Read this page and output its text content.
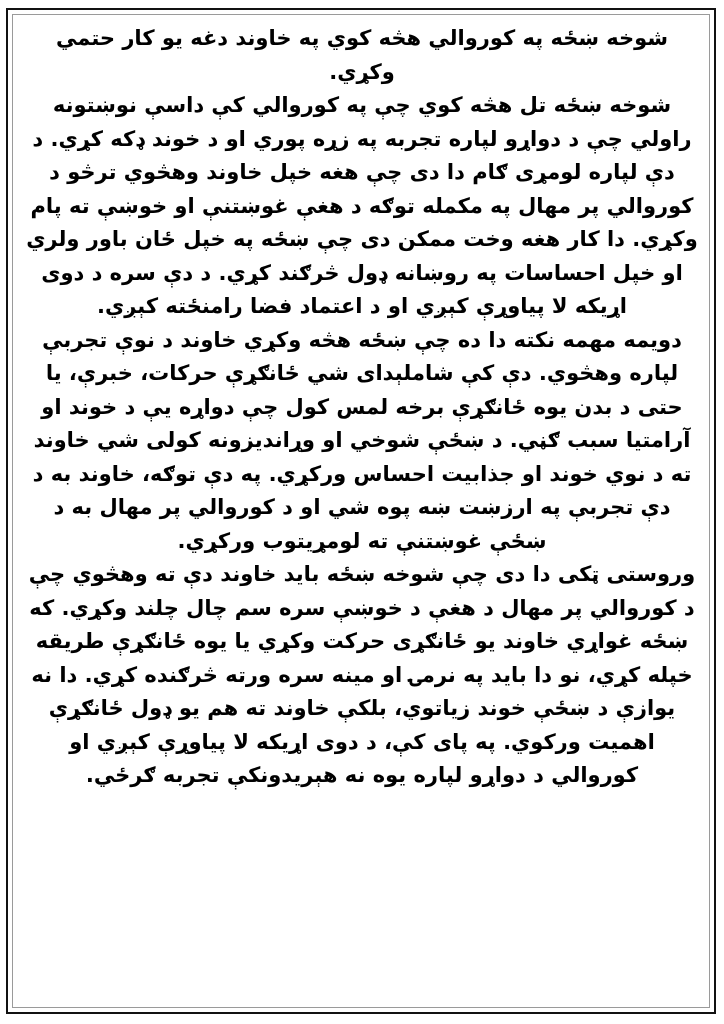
شوخه ښځه په کوروالي هڅه کوي په خاوند دغه یو کار حتمي وکړي.

شوخه ښځه تل هڅه کوي چې په کوروالي کې داسې نوښتونه راولي چې د دواړو لپاره تجربه په زړه پوري او د خوند ډکه کړي. د دې لپاره لومړی ګام دا دی چې هغه خپل خاوند وهڅوي ترڅو د کوروالي پر مهال په مکمله توګه د هغې غوښتنې او خوښې ته پام وکړي. دا کار هغه وخت ممکن دی چې ښځه په خپل ځان باور ولري او خپل احساسات په روښانه ډول څرګند کړي. د دې سره د دوی اړیکه لا پیاوړې کېږي او د اعتماد فضا رامنځته کېږي.

دویمه مهمه نکته دا ده چې ښځه هڅه وکړي خاوند د نوې تجربې لپاره وهڅوي. دې کې شاملېدای شي ځانګړې حرکات، خبرې، یا حتی د بدن یوه ځانګړې برخه لمس کول چې دواړه یې د خوند او آرامتیا سبب ګڼي. د ښځې شوخي او وړاندیزونه کولی شي خاوند ته د نوي خوند او جذابیت احساس ورکړي. په دې توګه، خاوند به د دې تجربې په ارزښت ښه پوه شي او د کوروالي پر مهال به د ښځې غوښتنې ته لومړیتوب ورکړي.

وروستی ټکی دا دی چې شوخه ښځه باید خاوند دې ته وهڅوي چې د کوروالي پر مهال د هغې د خوښې سره سم چال چلند وکړي. که ښځه غواړي خاوند یو ځانګړی حرکت وکړي یا یوه ځانګړې طریقه خپله کړي، نو دا باید په نرمۍ او مینه سره ورته څرګنده کړي. دا نه یوازې د ښځې خوند زیاتوي، بلکې خاوند ته هم یو ډول ځانګړې اهمیت ورکوي. په پای کې، د دوی اړیکه لا پیاوړې کېږي او کوروالي د دواړو لپاره یوه نه هېریدونکې تجربه ګرځي.
